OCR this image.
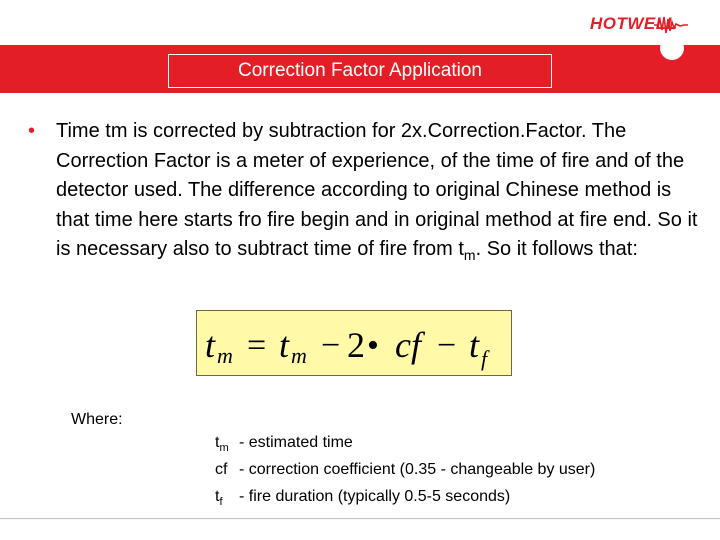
HOTWELL
Correction Factor Application
• Time tm is corrected by subtraction for 2x.Correction.Factor. The Correction Factor is a meter of experience, of the time of fire and of the detector used. The difference according to original Chinese method is that time here starts fro fire begin and in original method at fire end. So it is necessary also to subtract time of fire from $t_m$. So it follows that:
t m = t m − 2 • cf − t f
Where:
$t_m$ - estimated time
cf - correction coefficient (0.35 - changeable by user)
$t_f$	- fire duration (typically 0.5-5 seconds)
